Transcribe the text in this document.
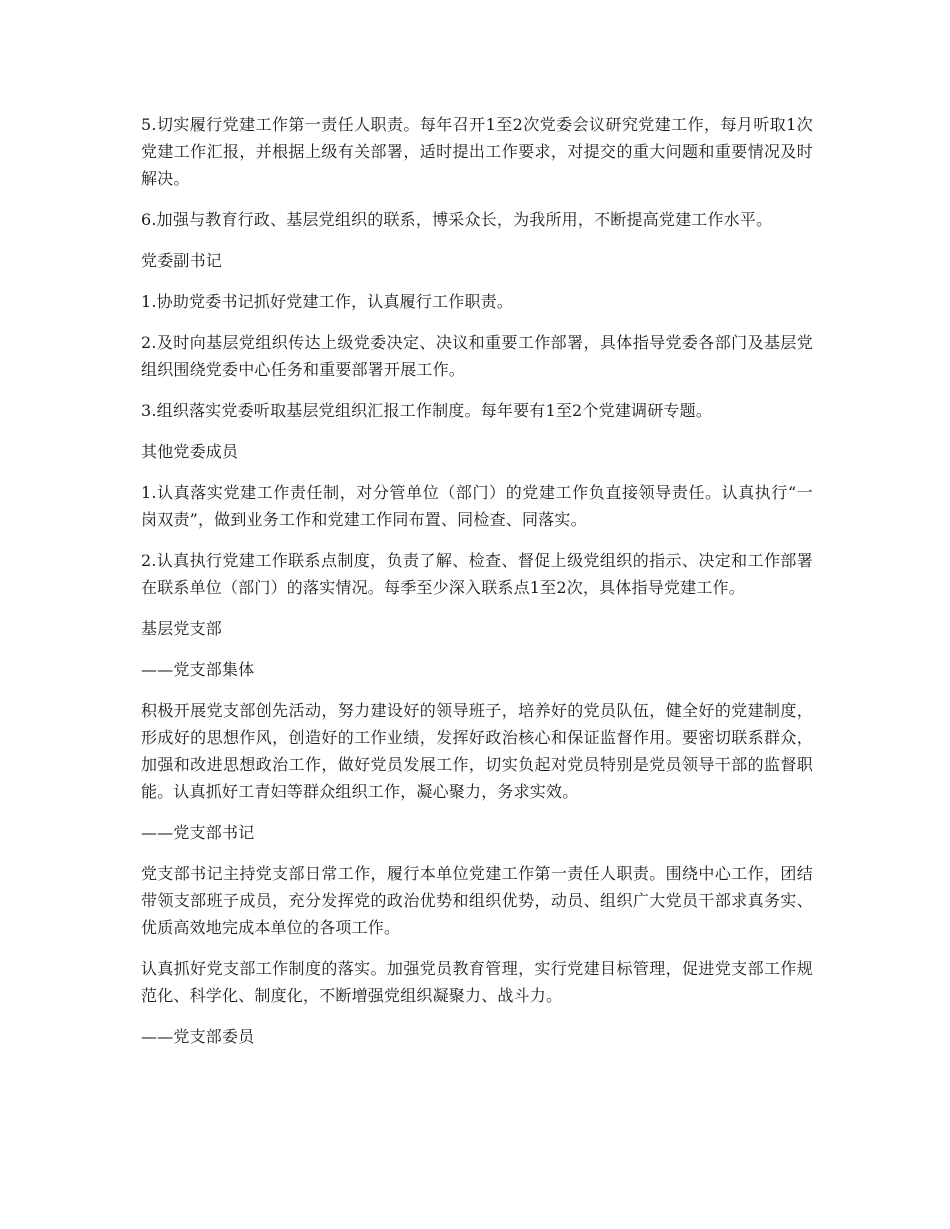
5.切实履行党建工作第一责任人职责。每年召开1至2次党委会议研究党建工作，每月听取1次党建工作汇报，并根据上级有关部署，适时提出工作要求，对提交的重大问题和重要情况及时解决。

6.加强与教育行政、基层党组织的联系，博采众长，为我所用，不断提高党建工作水平。

党委副书记

1.协助党委书记抓好党建工作，认真履行工作职责。

2.及时向基层党组织传达上级党委决定、决议和重要工作部署，具体指导党委各部门及基层党组织围绕党委中心任务和重要部署开展工作。

3.组织落实党委听取基层党组织汇报工作制度。每年要有1至2个党建调研专题。

其他党委成员

1.认真落实党建工作责任制，对分管单位（部门）的党建工作负直接领导责任。认真执行“一岗双责”，做到业务工作和党建工作同布置、同检查、同落实。

2.认真执行党建工作联系点制度，负责了解、检查、督促上级党组织的指示、决定和工作部署在联系单位（部门）的落实情况。每季至少深入联系点1至2次，具体指导党建工作。

基层党支部

——党支部集体

积极开展党支部创先活动，努力建设好的领导班子，培养好的党员队伍，健全好的党建制度，形成好的思想作风，创造好的工作业绩，发挥好政治核心和保证监督作用。要密切联系群众，加强和改进思想政治工作，做好党员发展工作，切实负起对党员特别是党员领导干部的监督职能。认真抓好工青妇等群众组织工作，凝心聚力，务求实效。

——党支部书记

党支部书记主持党支部日常工作，履行本单位党建工作第一责任人职责。围绕中心工作，团结带领支部班子成员，充分发挥党的政治优势和组织优势，动员、组织广大党员干部求真务实、优质高效地完成本单位的各项工作。

认真抓好党支部工作制度的落实。加强党员教育管理，实行党建目标管理，促进党支部工作规范化、科学化、制度化，不断增强党组织凝聚力、战斗力。

——党支部委员
